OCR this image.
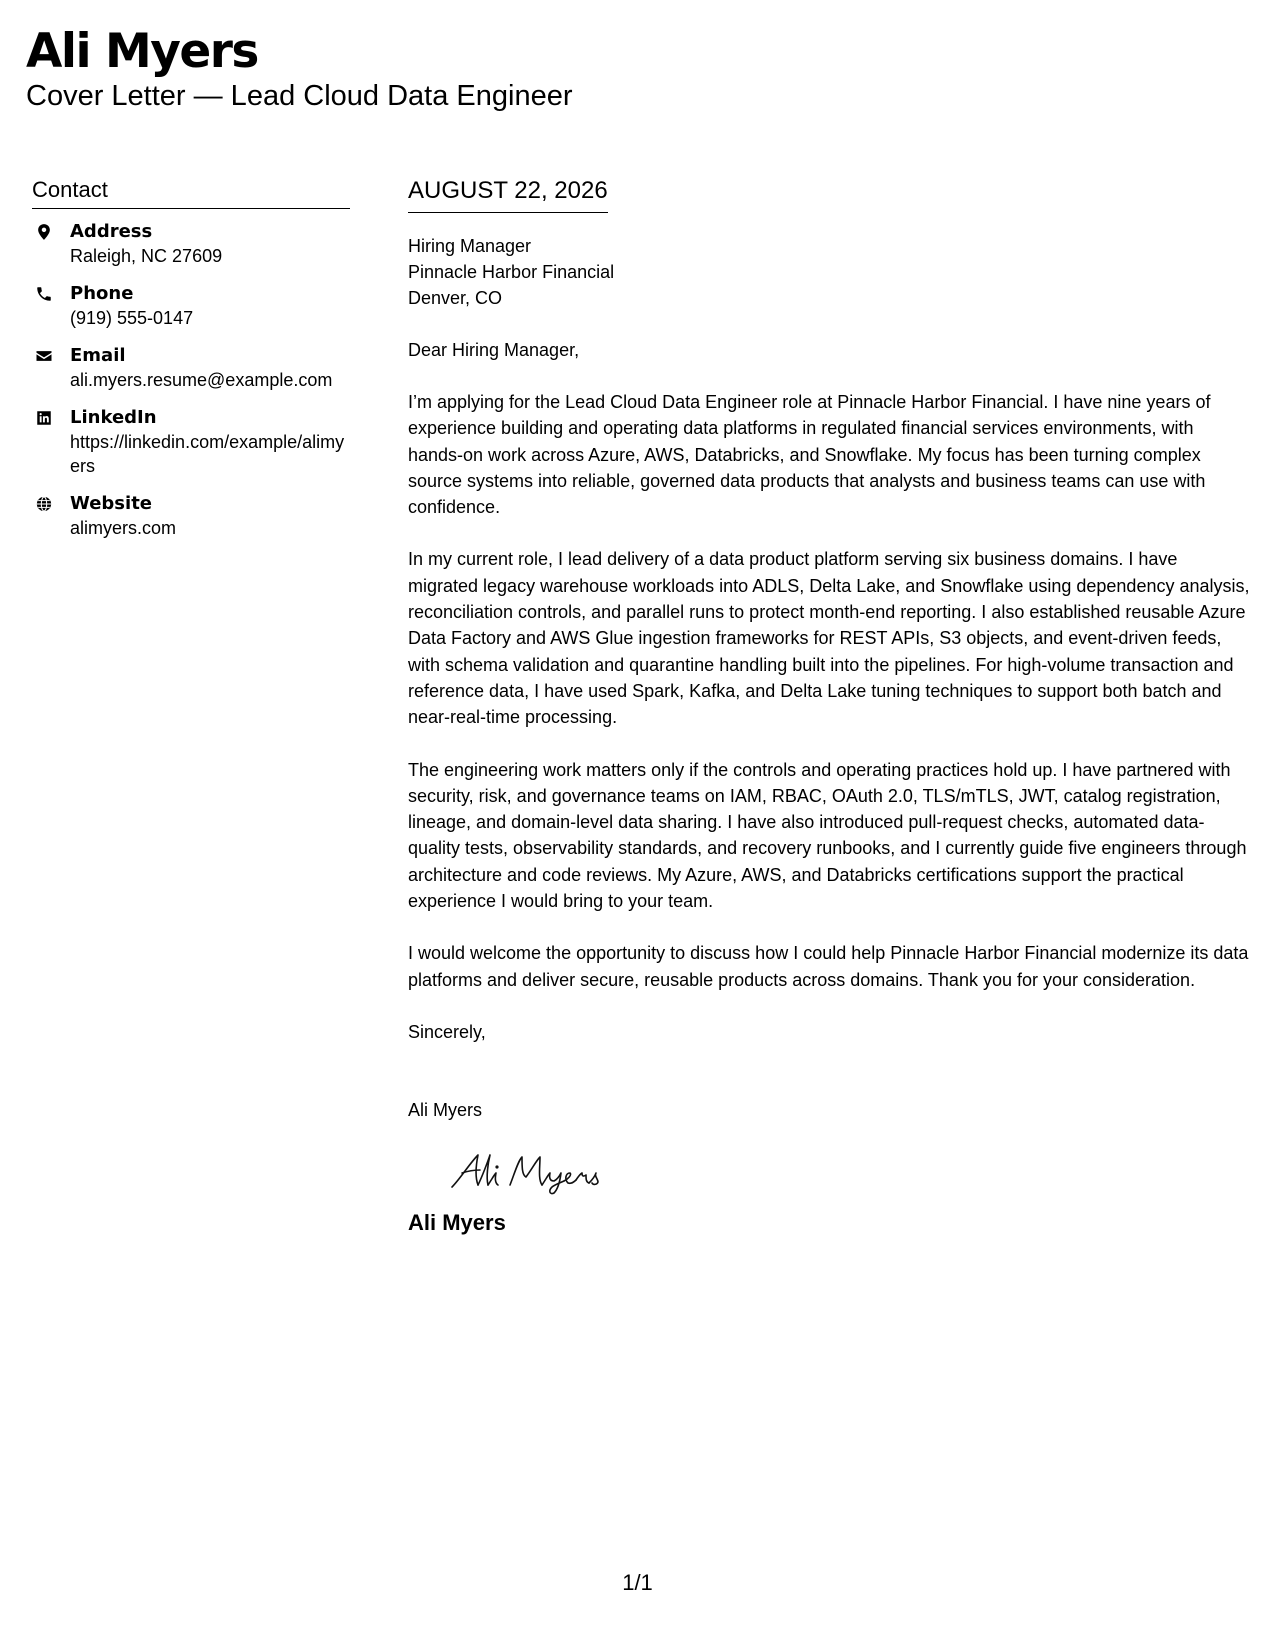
Ali Myers
Cover Letter — Lead Cloud Data Engineer
Contact
Address
Raleigh, NC 27609
Phone
(919) 555-0147
Email
ali.myers.resume@example.com
LinkedIn
https://linkedin.com/example/alimyers
Website
alimyers.com
AUGUST 22, 2026
Hiring Manager
Pinnacle Harbor Financial
Denver, CO
Dear Hiring Manager,

I’m applying for the Lead Cloud Data Engineer role at Pinnacle Harbor Financial. I have nine years of experience building and operating data platforms in regulated financial services environments, with hands-on work across Azure, AWS, Databricks, and Snowflake. My focus has been turning complex source systems into reliable, governed data products that analysts and business teams can use with confidence.

In my current role, I lead delivery of a data product platform serving six business domains. I have migrated legacy warehouse workloads into ADLS, Delta Lake, and Snowflake using dependency analysis, reconciliation controls, and parallel runs to protect month-end reporting. I also established reusable Azure Data Factory and AWS Glue ingestion frameworks for REST APIs, S3 objects, and event-driven feeds, with schema validation and quarantine handling built into the pipelines. For high-volume transaction and reference data, I have used Spark, Kafka, and Delta Lake tuning techniques to support both batch and near-real-time processing.

The engineering work matters only if the controls and operating practices hold up. I have partnered with security, risk, and governance teams on IAM, RBAC, OAuth 2.0, TLS/mTLS, JWT, catalog registration, lineage, and domain-level data sharing. I have also introduced pull-request checks, automated data-quality tests, observability standards, and recovery runbooks, and I currently guide five engineers through architecture and code reviews. My Azure, AWS, and Databricks certifications support the practical experience I would bring to your team.

I would welcome the opportunity to discuss how I could help Pinnacle Harbor Financial modernize its data platforms and deliver secure, reusable products across domains. Thank you for your consideration.

Sincerely,
Ali Myers
Ali Myers
1/1
